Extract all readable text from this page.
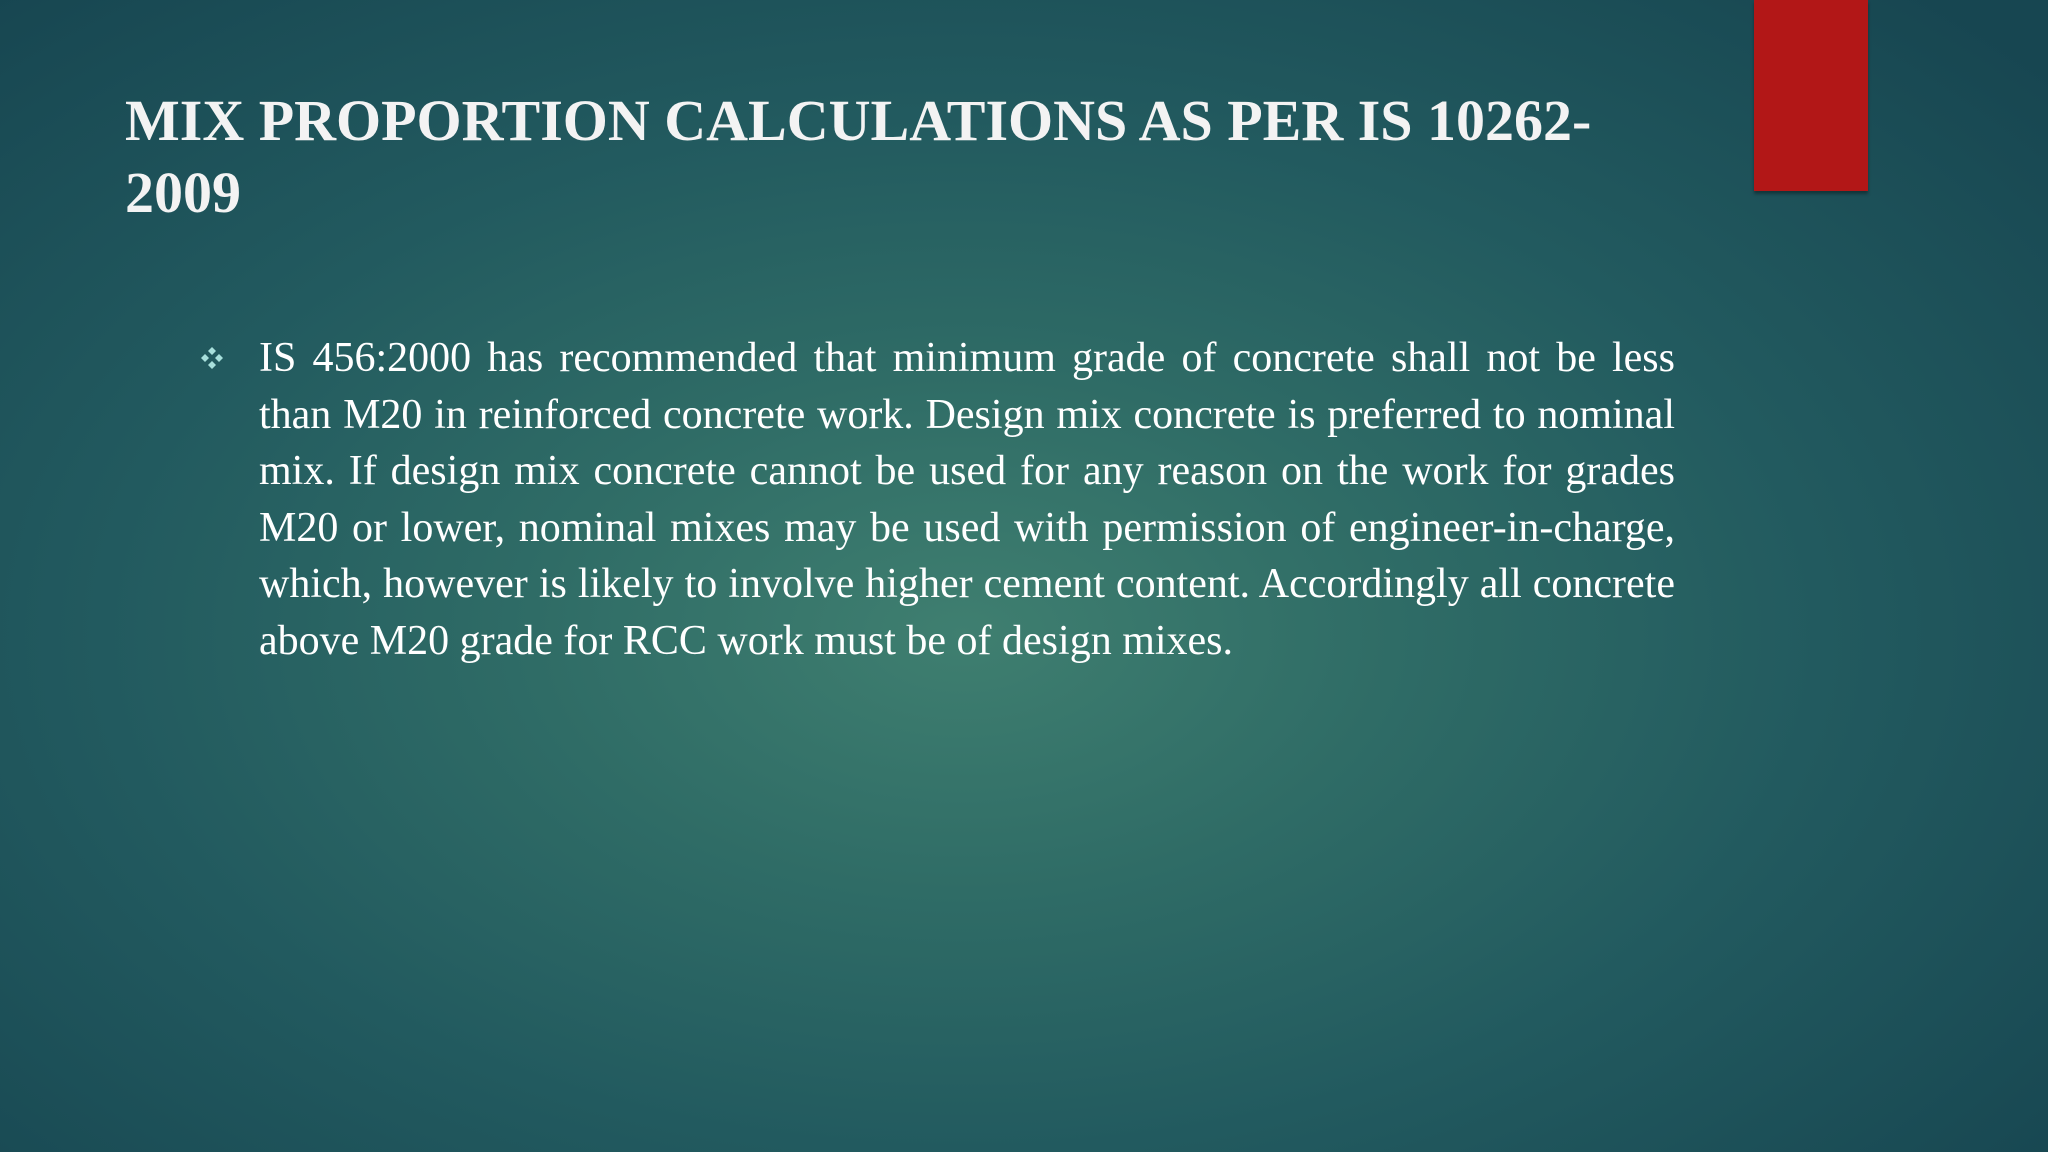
MIX PROPORTION CALCULATIONS AS PER IS 10262-2009

IS 456:2000 has recommended that minimum grade of concrete shall not be less than M20 in reinforced concrete work. Design mix concrete is preferred to nominal mix. If design mix concrete cannot be used for any reason on the work for grades M20 or lower, nominal mixes may be used with permission of engineer-in-charge, which, however is likely to involve higher cement content. Accordingly all concrete above M20 grade for RCC work must be of design mixes.
